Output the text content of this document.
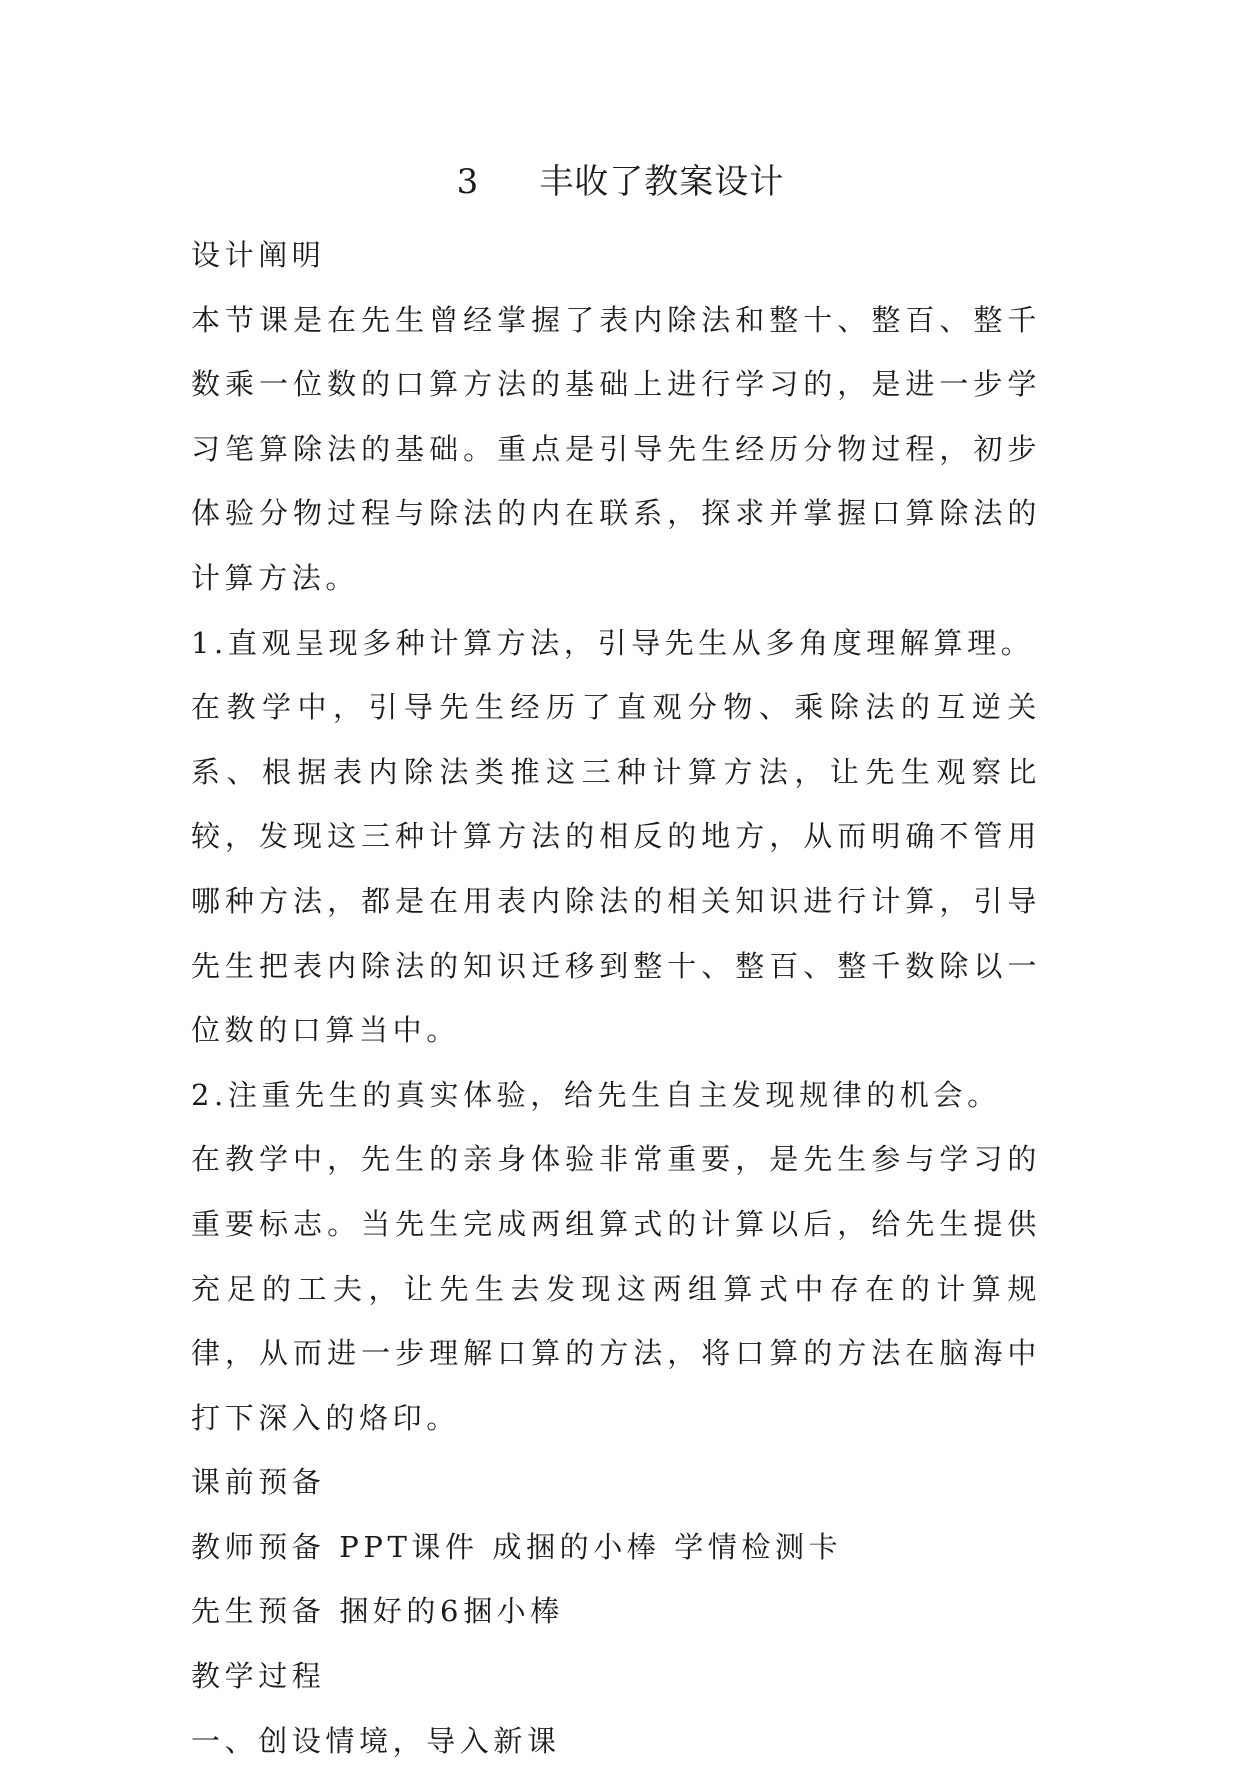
3 丰收了教案设计

设计阐明

本节课是在先生曾经掌握了表内除法和整十、整百、整千数乘一位数的口算方法的基础上进行学习的，是进一步学习笔算除法的基础。重点是引导先生经历分物过程，初步体验分物过程与除法的内在联系，探求并掌握口算除法的计算方法。

1.直观呈现多种计算方法，引导先生从多角度理解算理。

在教学中，引导先生经历了直观分物、乘除法的互逆关系、根据表内除法类推这三种计算方法，让先生观察比较，发现这三种计算方法的相反的地方，从而明确不管用哪种方法，都是在用表内除法的相关知识进行计算，引导先生把表内除法的知识迁移到整十、整百、整千数除以一位数的口算当中。

2.注重先生的真实体验，给先生自主发现规律的机会。

在教学中，先生的亲身体验非常重要，是先生参与学习的重要标志。当先生完成两组算式的计算以后，给先生提供充足的工夫，让先生去发现这两组算式中存在的计算规律，从而进一步理解口算的方法，将口算的方法在脑海中打下深入的烙印。

课前预备

教师预备 PPT课件 成捆的小棒 学情检测卡

先生预备 捆好的6捆小棒

教学过程

一、创设情境，导入新课
